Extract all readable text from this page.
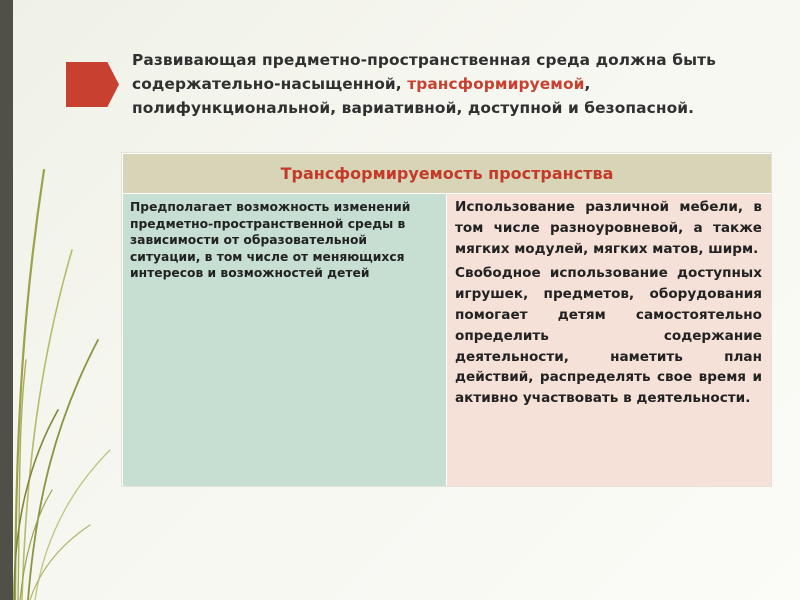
Развивающая предметно-пространственная среда должна быть содержательно-насыщенной, трансформируемой, полифункциональной, вариативной, доступной и безопасной.
Трансформируемость пространства
Предполагает возможность изменений предметно-пространственной среды в зависимости от образовательной ситуации, в том числе от меняющихся интересов и возможностей детей

Использование различной мебели, в том числе разноуровневой, а также мягких модулей, мягких матов, ширм.

Свободное использование доступных игрушек, предметов, оборудования помогает детям самостоятельно определить содержание деятельности, наметить план действий, распределять свое время и активно участвовать в деятельности.
